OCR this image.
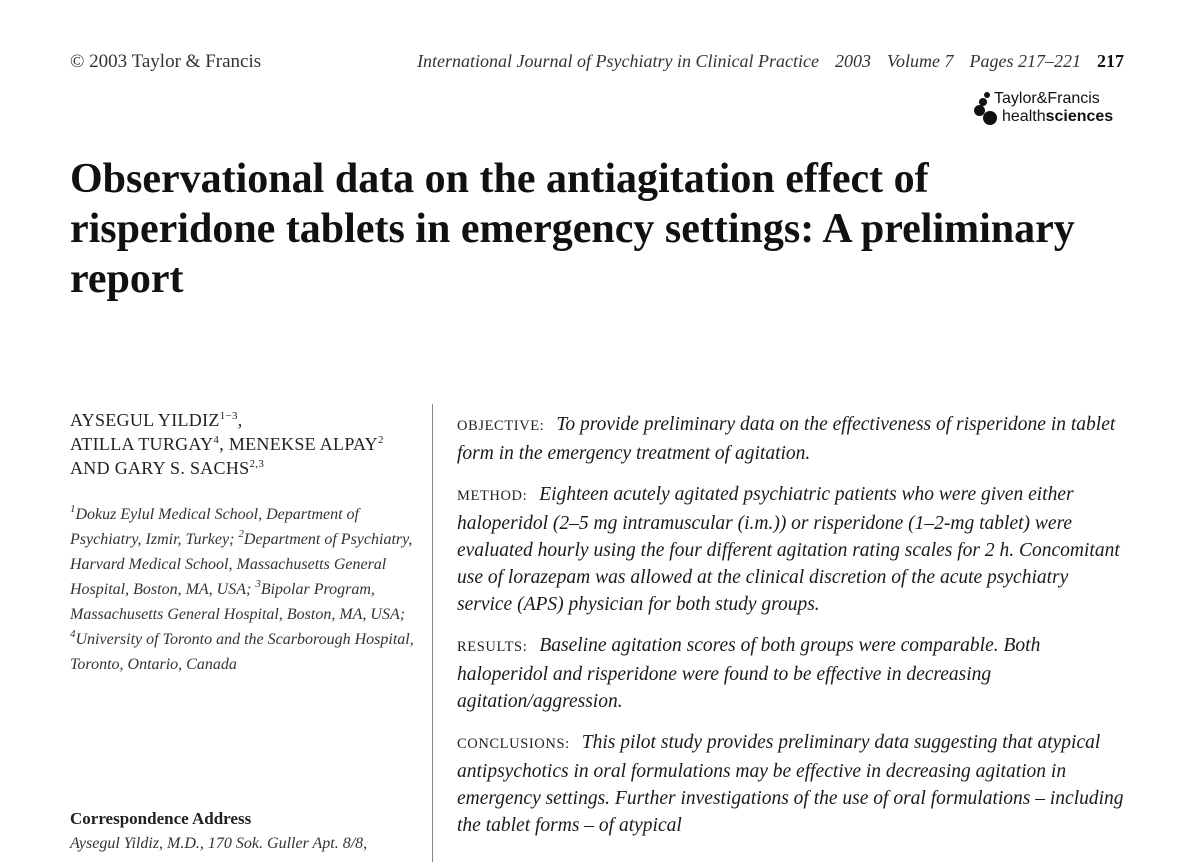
© 2003 Taylor & Francis	International Journal of Psychiatry in Clinical Practice 2003 Volume 7 Pages 217–221 217
Taylor&Francis
healthsciences
Observational data on the antiagitation effect of risperidone tablets in emergency settings: A preliminary report
AYSEGUL $YILDIZ^{1-3}$,
ATILLA TURGAY$^4$, MENEKSE ALPAY$^2$
AND GARY S. SACHS$^{2,3}$
$^1$Dokuz Eylul Medical School, Department of Psychiatry, Izmir, Turkey; $^2$Department of Psychiatry, Harvard Medical School, Massachusetts General Hospital, Boston, MA, USA; $^3$Bipolar Program, Massachusetts General Hospital, Boston, MA, USA; $^4$University of Toronto and the Scarborough Hospital, Toronto, Ontario, Canada

Correspondence Address

Aysegul Yildiz, M.D., 170 Sok. Guller Apt. 8/8,

OBJECTIVE: To provide preliminary data on the effectiveness of risperidone in tablet form in the emergency treatment of agitation.

METHOD: Eighteen acutely agitated psychiatric patients who were given either haloperidol (2–5 mg intramuscular (i.m.)) or risperidone (1–2-mg tablet) were evaluated hourly using the four different agitation rating scales for 2 h. Concomitant use of lorazepam was allowed at the clinical discretion of the acute psychiatry service (APS) physician for both study groups.

RESULTS: Baseline agitation scores of both groups were comparable. Both haloperidol and risperidone were found to be effective in decreasing agitation/aggression.

CONCLUSIONS: This pilot study provides preliminary data suggesting that atypical antipsychotics in oral formulations may be effective in decreasing agitation in emergency settings. Further investigations of the use of oral formulations – including the tablet forms – of atypical
